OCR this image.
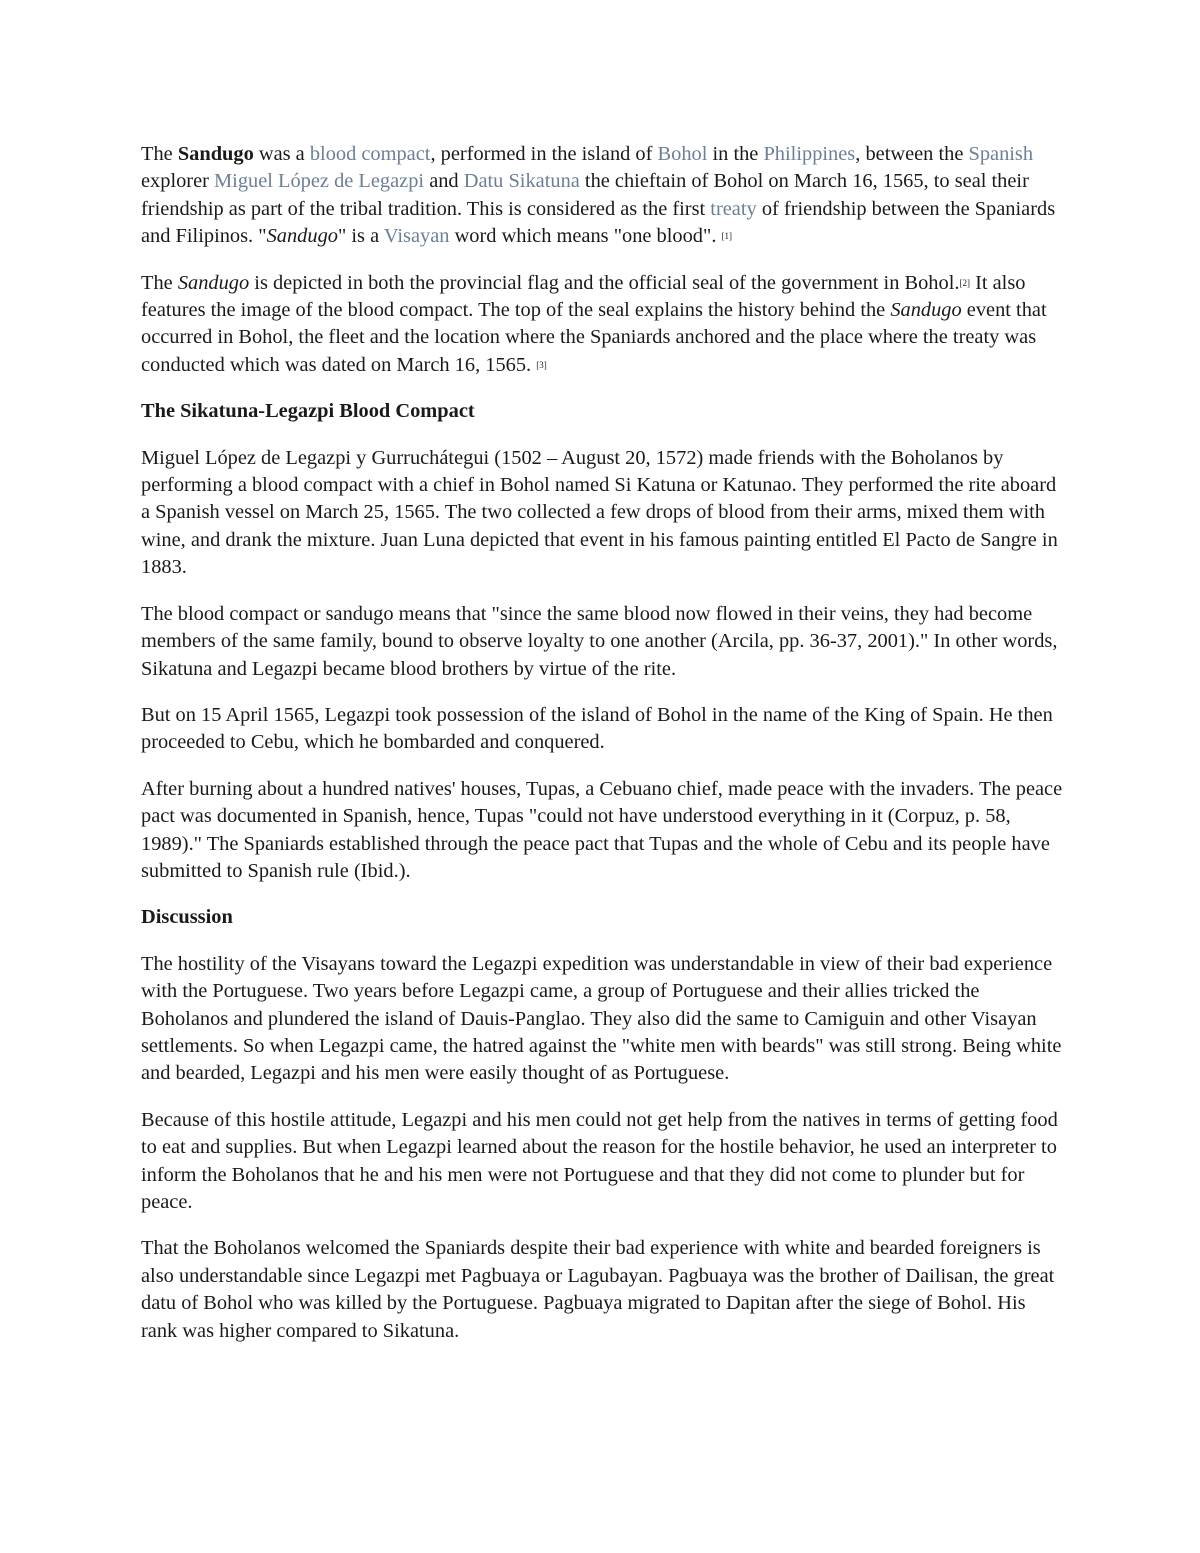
The Sandugo was a blood compact, performed in the island of Bohol in the Philippines, between the Spanish explorer Miguel López de Legazpi and Datu Sikatuna the chieftain of Bohol on March 16, 1565, to seal their friendship as part of the tribal tradition. This is considered as the first treaty of friendship between the Spaniards and Filipinos. "Sandugo" is a Visayan word which means "one blood". [1]

The Sandugo is depicted in both the provincial flag and the official seal of the government in Bohol.[2] It also features the image of the blood compact. The top of the seal explains the history behind the Sandugo event that occurred in Bohol, the fleet and the location where the Spaniards anchored and the place where the treaty was conducted which was dated on March 16, 1565. [3]

The Sikatuna-Legazpi Blood Compact

Miguel López de Legazpi y Gurruchátegui (1502 – August 20, 1572) made friends with the Boholanos by performing a blood compact with a chief in Bohol named Si Katuna or Katunao. They performed the rite aboard a Spanish vessel on March 25, 1565. The two collected a few drops of blood from their arms, mixed them with wine, and drank the mixture. Juan Luna depicted that event in his famous painting entitled El Pacto de Sangre in 1883.

The blood compact or sandugo means that "since the same blood now flowed in their veins, they had become members of the same family, bound to observe loyalty to one another (Arcila, pp. 36-37, 2001)." In other words, Sikatuna and Legazpi became blood brothers by virtue of the rite.

But on 15 April 1565, Legazpi took possession of the island of Bohol in the name of the King of Spain. He then proceeded to Cebu, which he bombarded and conquered.

After burning about a hundred natives' houses, Tupas, a Cebuano chief, made peace with the invaders. The peace pact was documented in Spanish, hence, Tupas "could not have understood everything in it (Corpuz, p. 58, 1989)." The Spaniards established through the peace pact that Tupas and the whole of Cebu and its people have submitted to Spanish rule (Ibid.).

Discussion

The hostility of the Visayans toward the Legazpi expedition was understandable in view of their bad experience with the Portuguese. Two years before Legazpi came, a group of Portuguese and their allies tricked the Boholanos and plundered the island of Dauis-Panglao. They also did the same to Camiguin and other Visayan settlements. So when Legazpi came, the hatred against the "white men with beards" was still strong. Being white and bearded, Legazpi and his men were easily thought of as Portuguese.

Because of this hostile attitude, Legazpi and his men could not get help from the natives in terms of getting food to eat and supplies. But when Legazpi learned about the reason for the hostile behavior, he used an interpreter to inform the Boholanos that he and his men were not Portuguese and that they did not come to plunder but for peace.

That the Boholanos welcomed the Spaniards despite their bad experience with white and bearded foreigners is also understandable since Legazpi met Pagbuaya or Lagubayan. Pagbuaya was the brother of Dailisan, the great datu of Bohol who was killed by the Portuguese. Pagbuaya migrated to Dapitan after the siege of Bohol. His rank was higher compared to Sikatuna.
